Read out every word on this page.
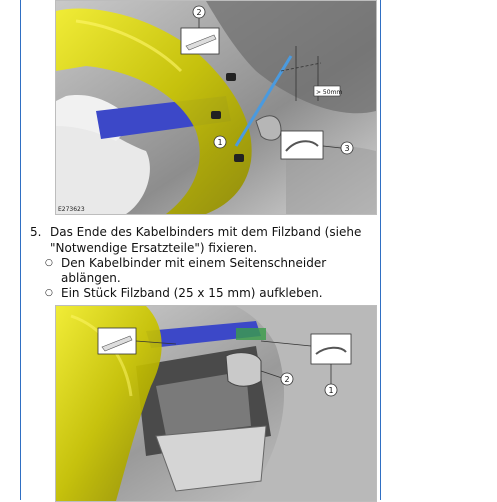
> 50mm
2
1
3
E273623
5. Das Ende des Kabelbinders mit dem Filzband (siehe
"Notwendige Ersatzteile") fixieren.
○ Den Kabelbinder mit einem Seitenschneider
ablängen.
○ Ein Stück Filzband (25 x 15 mm) aufkleben.
1
2
